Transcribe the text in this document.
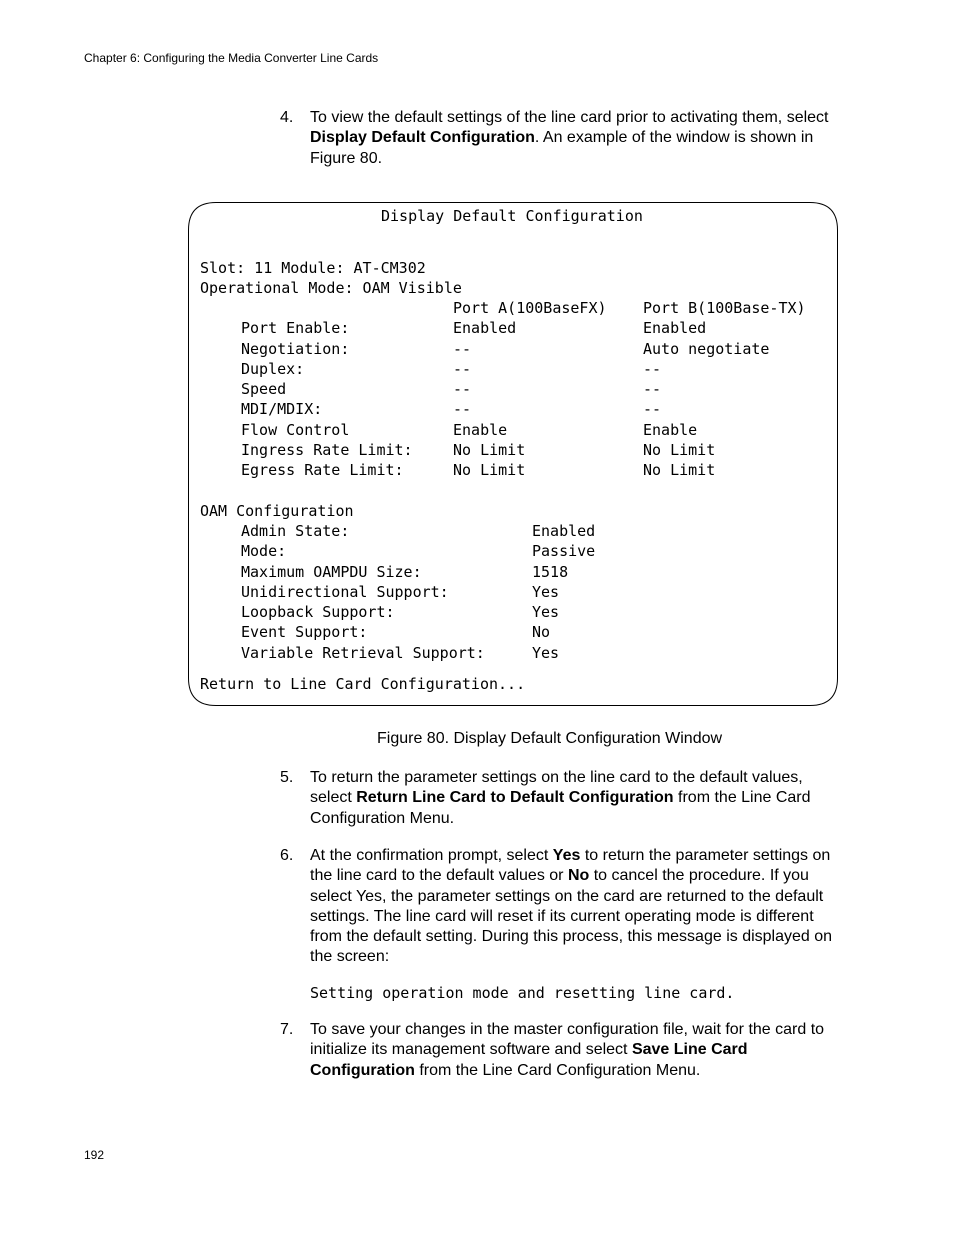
Chapter 6: Configuring the Media Converter Line Cards
4.	To view the default settings of the line card prior to activating them, select Display Default Configuration. An example of the window is shown in Figure 80.
Display Default Configuration
Slot: 11 Module: AT-CM302
Operational Mode: OAM Visible
Port A(100BaseFX) Port B(100Base-TX)
Port Enable:	Enabled	Enabled
Negotiation:	--	Auto negotiate
Duplex:	--	--
Speed	--	--
MDI/MDIX:	--	--
Flow Control	Enable	Enable
Ingress Rate Limit:	No Limit	No Limit
Egress Rate Limit:	No Limit	No Limit
OAM Configuration
Admin State:	Enabled
Mode:	Passive
Maximum OAMPDU Size:	1518
Unidirectional Support:	Yes
Loopback Support:	Yes
Event Support:	No
Variable Retrieval Support:	Yes
Return to Line Card Configuration...
Figure 80. Display Default Configuration Window
5.	To return the parameter settings on the line card to the default values, select Return Line Card to Default Configuration from the Line Card Configuration Menu.
6.	At the confirmation prompt, select Yes to return the parameter settings on the line card to the default values or No to cancel the procedure. If you select Yes, the parameter settings on the card are returned to the default settings. The line card will reset if its current operating mode is different from the default setting. During this process, this message is displayed on the screen:
Setting operation mode and resetting line card.
7.	To save your changes in the master configuration file, wait for the card to initialize its management software and select Save Line Card Configuration from the Line Card Configuration Menu.
192
